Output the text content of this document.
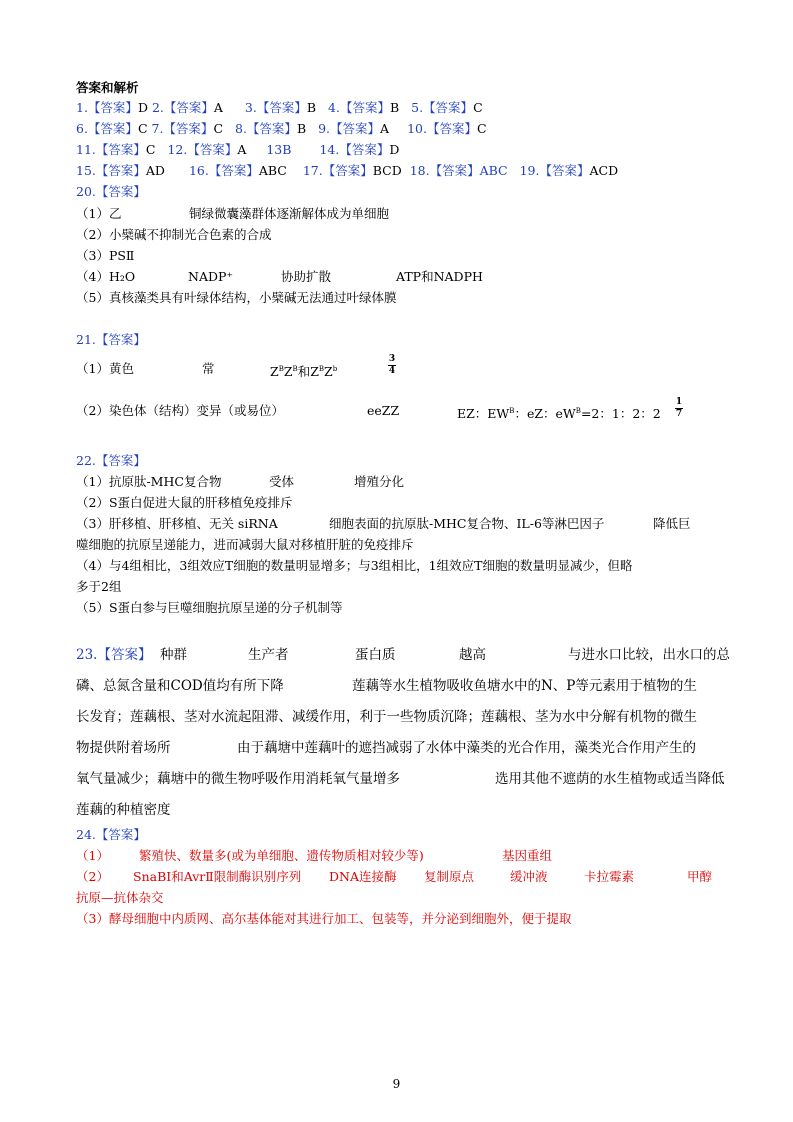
答案和解析
1.【答案】D 2.【答案】A 3.【答案】B 4.【答案】B 5.【答案】C
6.【答案】C 7.【答案】C 8.【答案】B 9.【答案】A 10.【答案】C
11.【答案】C 12.【答案】A 13B 14.【答案】D
15.【答案】AD 16.【答案】ABC 17.【答案】BCD 18.【答案】ABC 19.【答案】ACD
20.【答案】
（1）乙	铜绿微囊藻群体逐渐解体成为单细胞
（2）小檗碱不抑制光合色素的合成
（3）PSⅡ
（4）H₂O	NADP⁺	协助扩散	ATP和NADPH
（5）真核藻类具有叶绿体结构，小檗碱无法通过叶绿体膜
21.【答案】
（1）黄色	常	$Z^BZ^B$和$Z^BZ^b$
3
4
（2）染色体（结构）变异（或易位）	eeZZ	EZ：$EW^B$：eZ：$eW^B=2$：1：2：2
1
7
22.【答案】
（1）抗原肽-MHC复合物	受体	增殖分化
（2）S蛋白促进大鼠的肝移植免疫排斥
（3）肝移植、肝移植、无关 siRNA	细胞表面的抗原肽-MHC复合物、IL-6等淋巴因子	降低巨
噬细胞的抗原呈递能力，进而减弱大鼠对移植肝脏的免疫排斥
（4）与4组相比，3组效应T细胞的数量明显增多；与3组相比，1组效应T细胞的数量明显减少，但略
多于2组
（5）S蛋白参与巨噬细胞抗原呈递的分子机制等
23.【答案】 种群	生产者	蛋白质	越高	与进水口比较，出水口的总
磷、总氮含量和COD值均有所下降	莲藕等水生植物吸收鱼塘水中的N、P等元素用于植物的生
长发育；莲藕根、茎对水流起阻滞、减缓作用，利于一些物质沉降；莲藕根、茎为水中分解有机物的微生
物提供附着场所	由于藕塘中莲藕叶的遮挡减弱了水体中藻类的光合作用，藻类光合作用产生的
氧气量减少；藕塘中的微生物呼吸作用消耗氧气量增多	选用其他不遮荫的水生植物或适当降低
莲藕的种植密度
24.【答案】
（1） 繁殖快、数量多(或为单细胞、遗传物质相对较少等)	基因重组
（2） SnaBⅠ和AvrⅡ限制酶识别序列 DNA连接酶 复制原点	缓冲液	卡拉霉素	甲醇
抗原—抗体杂交
（3）酵母细胞中内质网、高尔基体能对其进行加工、包装等，并分泌到细胞外，便于提取
9
